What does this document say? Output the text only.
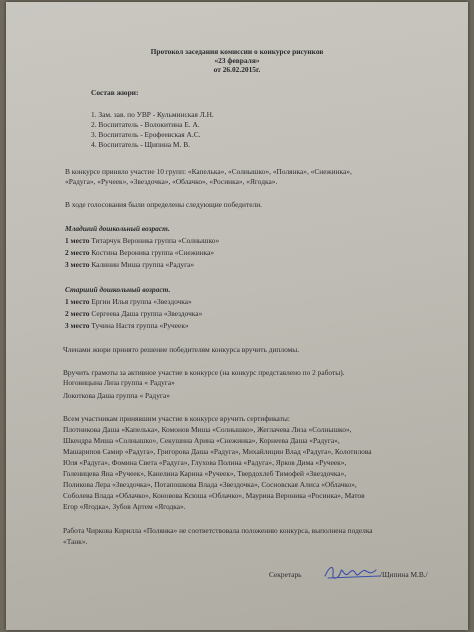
Протокол заседания комиссии о конкурсе рисунков
«23 февраля»
от 26.02.2015г.
Состав жюри:
1. Зам. зав. по УВР - Кульминская Л.Н.
2. Воспитатель - Волокитина Е. А.
3. Воспитатель - Ерофеевская А.С.
4. Воспитатель - Щипина М. В.
В конкурсе приняло участие 10 групп: «Капелька», «Солнышко», «Полянка», «Снежинка»,
«Радуга», «Ручеек», «Звездочка», «Облачко», «Росинка», «Ягодка».
В ходе голосования были определены следующие победители.
Младший дошкольный возраст.
1 место Титарчук Вероника группа «Солнышко»
2 место Костина Вероника группа «Снежинка»
3 место Калинин Миша группа «Радуга»
Старший дошкольный возраст.
1 место Ергин Илья группа «Звездочка»
2 место Сергеева Даша группа «Звездочка»
3 место Тучина Настя группа «Ручеек»
Членами жюри принято решение победителям конкурса вручить дипломы.
Вручить грамоты за активное участие в конкурсе (на конкурс представлено по 2 работы).
Ноговицына Лиза группа « Радуга»
Локоткова Даша группа « Радуга»
Всем участникам принявшим участие в конкурсе вручить сертификаты:
Плотникова Даша «Капелька», Комонов Миша «Солнышко», Жеглачева Лиза «Солнышко»,
Шкендра Миша «Солнышко», Секушина Арина «Снежинка», Корнеева Даша «Радуга»,
Машарипов Самир «Радуга», Григорова Даша «Радуга», Михайлицин Влад «Радуга», Колотилова
Юля «Радуга», Фомина Света «Радуга», Глухова Полина «Радуга», Ярков Дима «Ручеек»,
Голеницева Яна «Ручеек», Канелина Карина «Ручеек», Твердохлеб Тимофей «Звездочка»,
Поликова Лера «Звездочка», Потапошкова Влада «Звездочка», Сосновская Алиса «Облачко»,
Соболева Влада «Облачко», Коновова Ксюша «Облачко», Маурина Вероника «Росинка», Матов
Егор «Ягодка», Зубов Артем «Ягодка».
Работа Чиркова Кирилла «Полянка» не соответствовала положению конкурса, выполнена поделка
«Танк».
Секретарь	/Щипина М.В./
